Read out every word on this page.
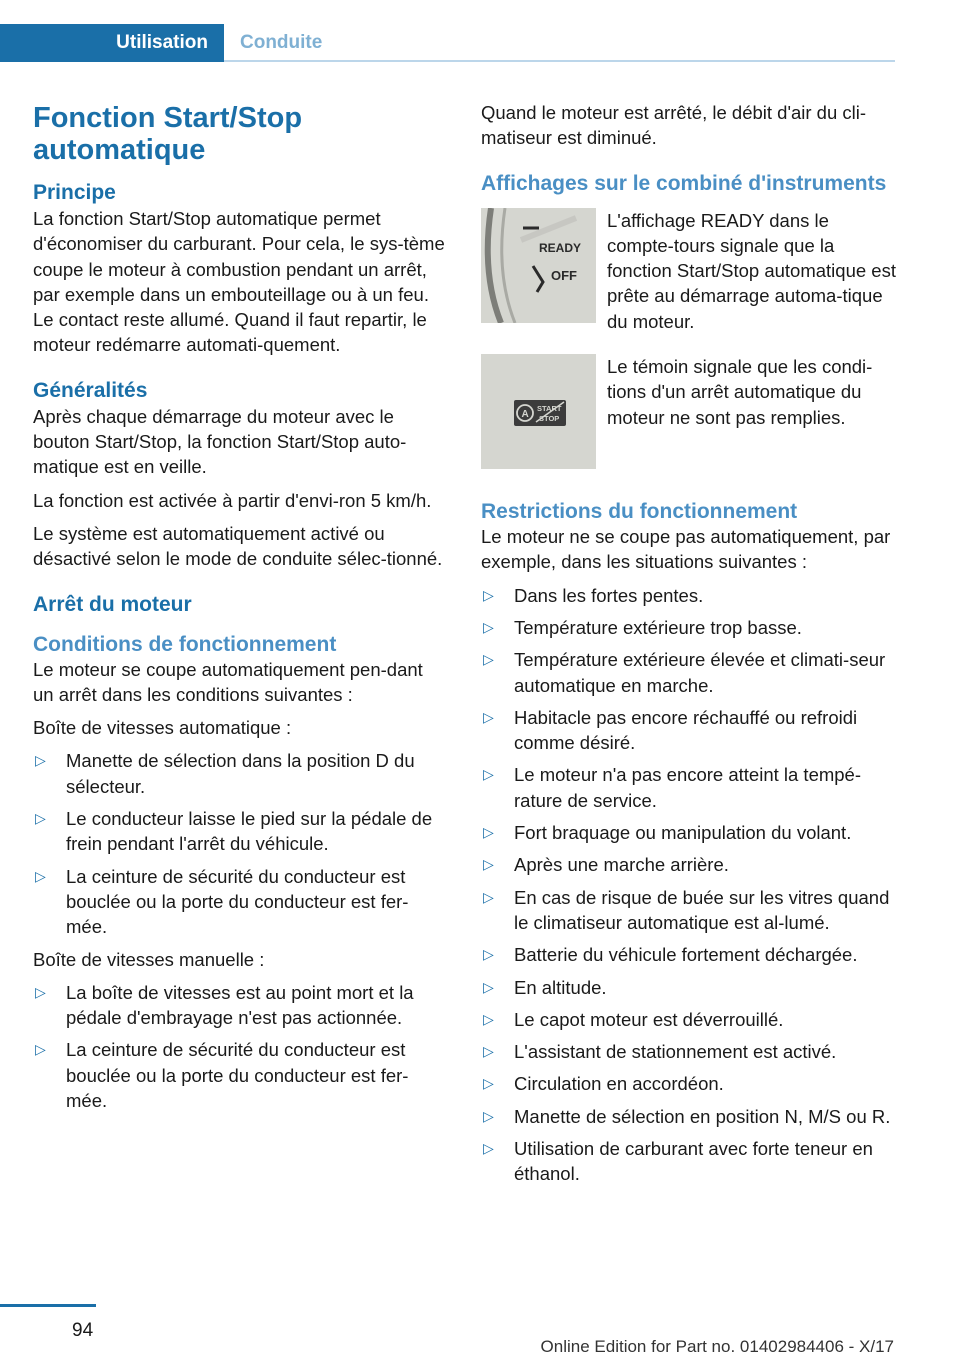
Utilisation	Conduite
Fonction Start/Stop automatique
Principe

La fonction Start/Stop automatique permet d'économiser du carburant. Pour cela, le sys-tème coupe le moteur à combustion pendant un arrêt, par exemple dans un embouteillage ou à un feu. Le contact reste allumé. Quand il faut repartir, le moteur redémarre automati-quement.

Généralités

Après chaque démarrage du moteur avec le bouton Start/Stop, la fonction Start/Stop auto-matique est en veille.

La fonction est activée à partir d'envi-ron 5 km/h.

Le système est automatiquement activé ou désactivé selon le mode de conduite sélec-tionné.

Arrêt du moteur
Conditions de fonctionnement

Le moteur se coupe automatiquement pen-dant un arrêt dans les conditions suivantes :

Boîte de vitesses automatique :

▷ Manette de sélection dans la position D du sélecteur.
▷ Le conducteur laisse le pied sur la pédale de frein pendant l'arrêt du véhicule.
▷ La ceinture de sécurité du conducteur est bouclée ou la porte du conducteur est fer-mée.

Boîte de vitesses manuelle :

▷ La boîte de vitesses est au point mort et la pédale d'embrayage n'est pas actionnée.
▷ La ceinture de sécurité du conducteur est bouclée ou la porte du conducteur est fer-mée.

Quand le moteur est arrêté, le débit d'air du cli-matiseur est diminué.

Affichages sur le combiné d'instruments
READY
OFF

L'affichage READY dans le compte-tours signale que la fonction Start/Stop automatique est prête au démarrage automa-tique du moteur.

A
START
STOP

Le témoin signale que les condi-tions d'un arrêt automatique du moteur ne sont pas remplies.

Restrictions du fonctionnement

Le moteur ne se coupe pas automatiquement, par exemple, dans les situations suivantes :

▷ Dans les fortes pentes.
▷ Température extérieure trop basse.
▷ Température extérieure élevée et climati-seur automatique en marche.
▷ Habitacle pas encore réchauffé ou refroidi comme désiré.
▷ Le moteur n'a pas encore atteint la tempé-rature de service.
▷ Fort braquage ou manipulation du volant.
▷ Après une marche arrière.
▷ En cas de risque de buée sur les vitres quand le climatiseur automatique est al-lumé.
▷ Batterie du véhicule fortement déchargée.
▷ En altitude.
▷ Le capot moteur est déverrouillé.
▷ L'assistant de stationnement est activé.
▷ Circulation en accordéon.
▷ Manette de sélection en position N, M/S ou R.
▷ Utilisation de carburant avec forte teneur en éthanol.
94
Online Edition for Part no. 01402984406 - X/17
